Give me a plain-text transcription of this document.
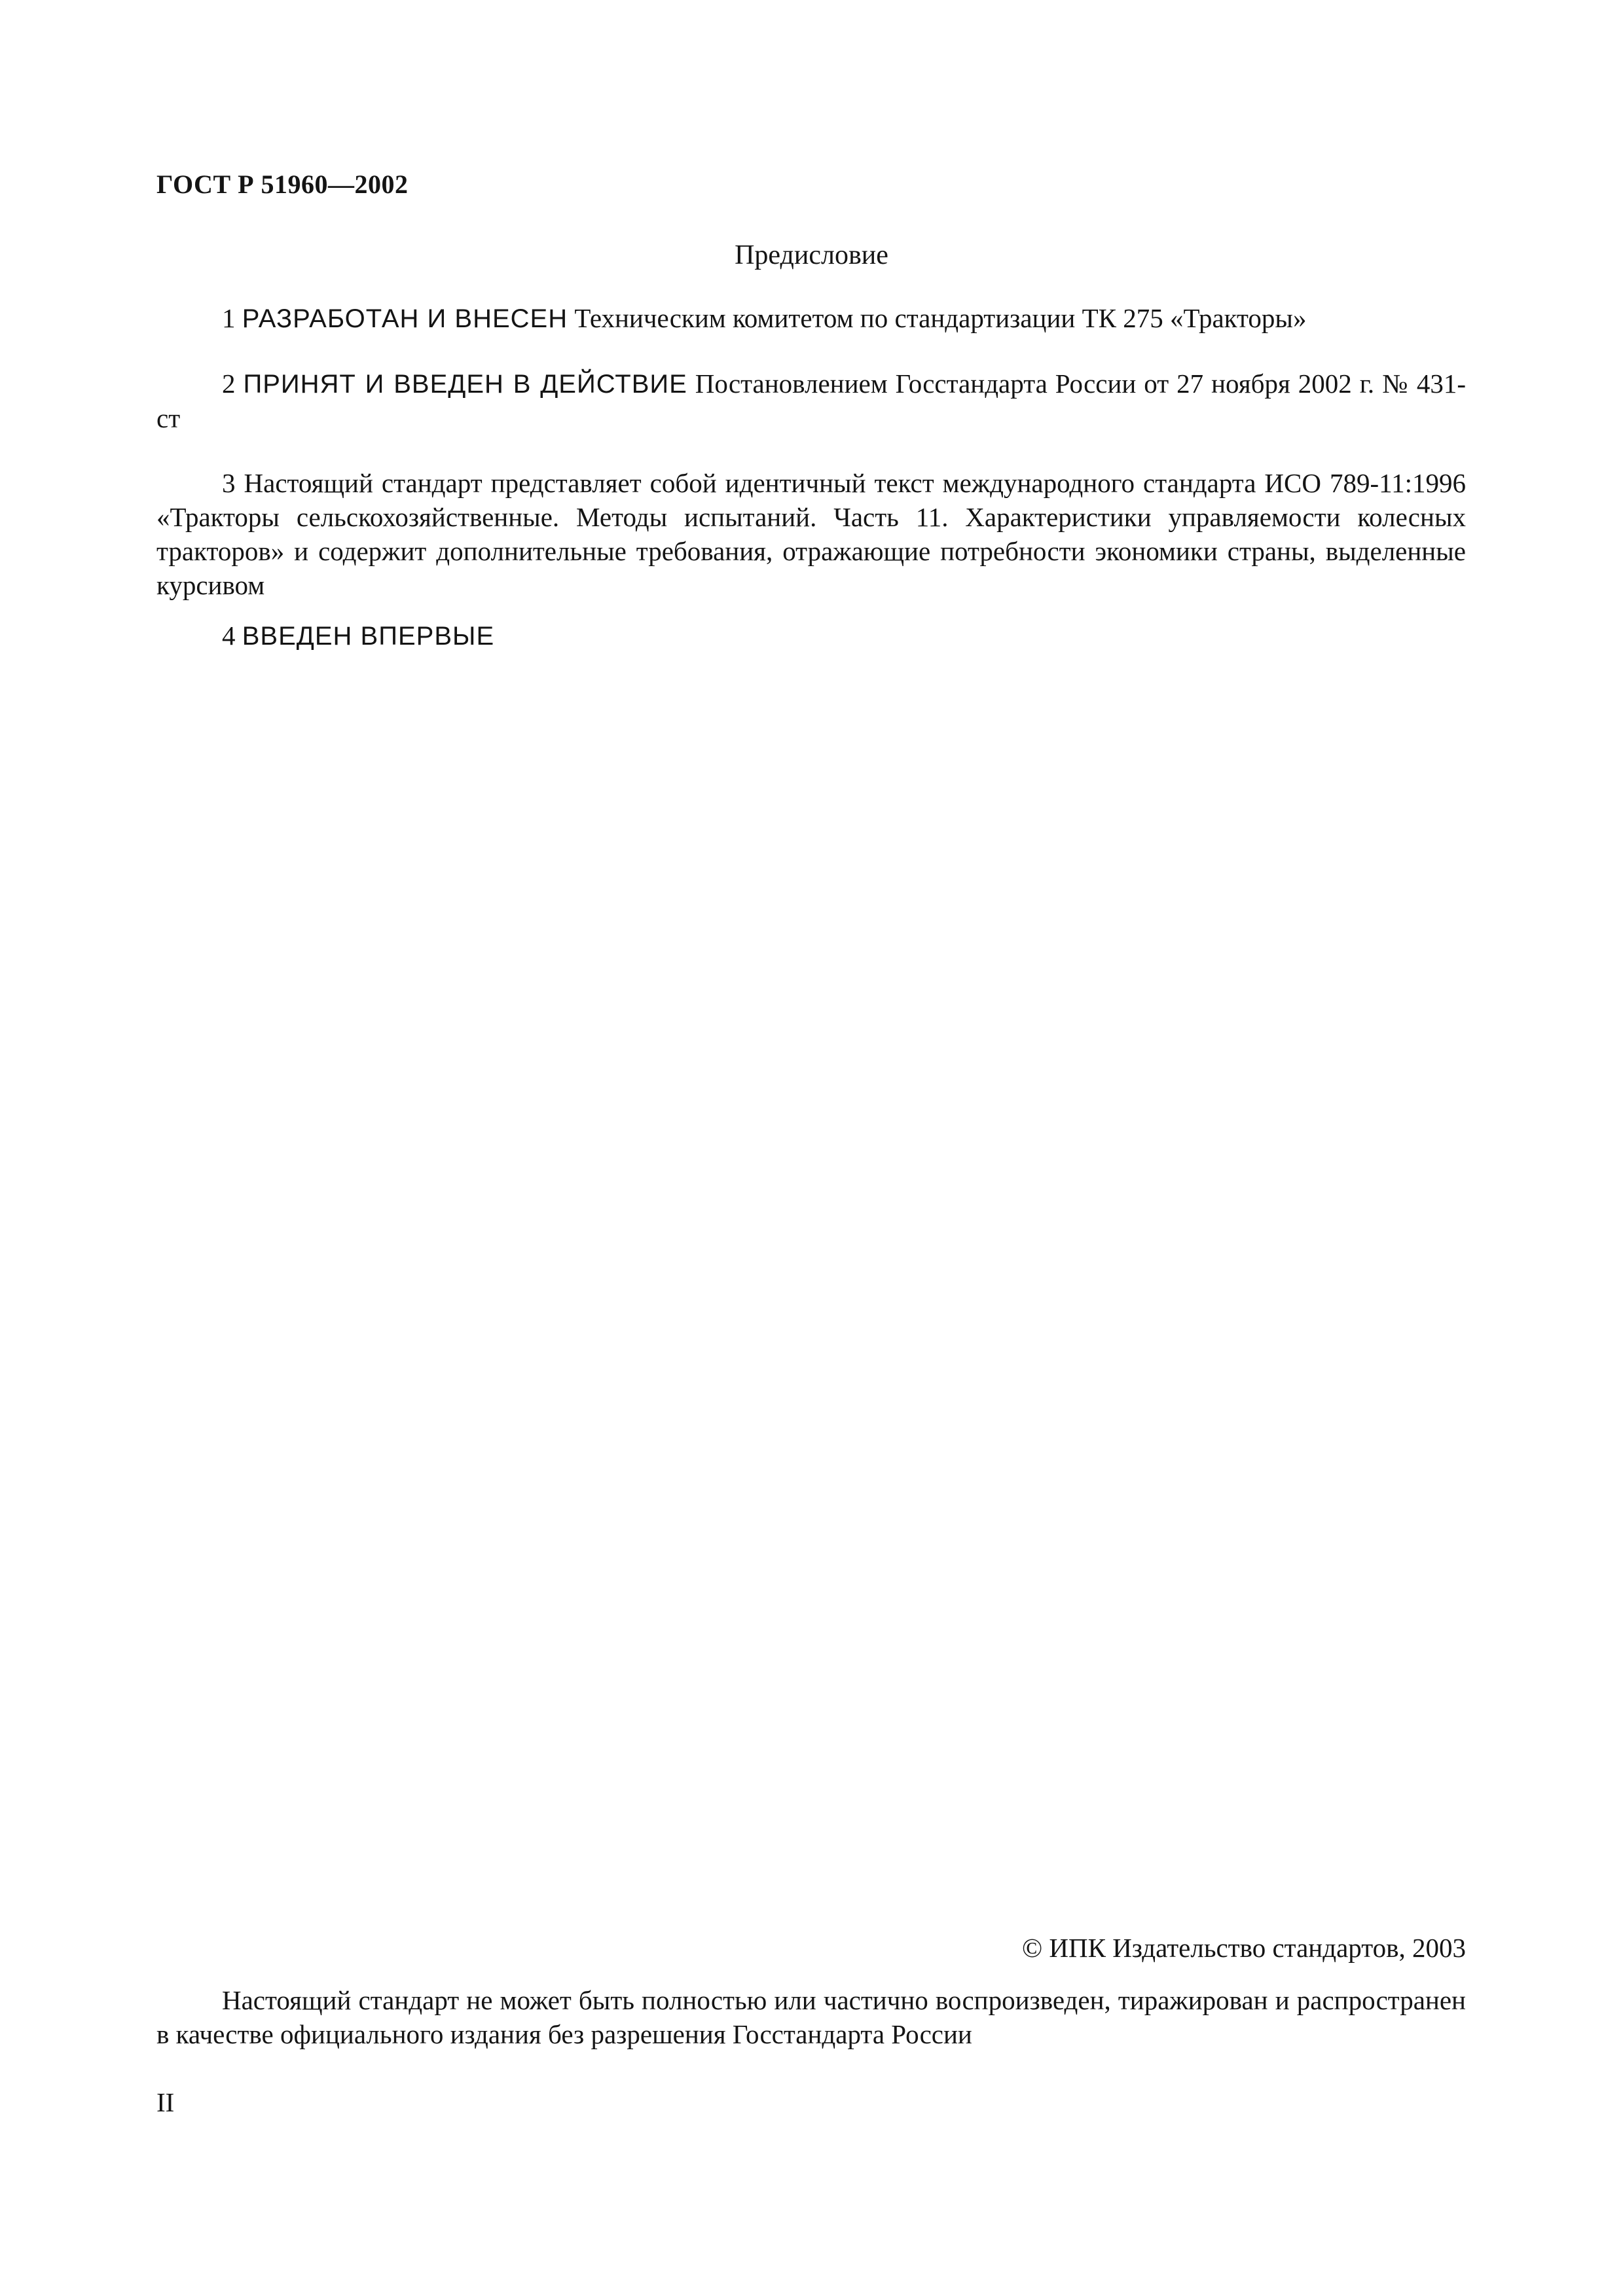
ГОСТ Р 51960—2002
Предисловие

1 РАЗРАБОТАН И ВНЕСЕН Техническим комитетом по стандартизации ТК 275 «Тракторы»

2 ПРИНЯТ И ВВЕДЕН В ДЕЙСТВИЕ Постановлением Госстандарта России от 27 ноября 2002 г. № 431-ст

3 Настоящий стандарт представляет собой идентичный текст международного стандарта ИСО 789-11:1996 «Тракторы сельскохозяйственные. Методы испытаний. Часть 11. Характеристики управляемости колесных тракторов» и содержит дополнительные требования, отражающие потребности экономики страны, выделенные курсивом

4 ВВЕДЕН ВПЕРВЫЕ

© ИПК Издательство стандартов, 2003
Настоящий стандарт не может быть полностью или частично воспроизведен, тиражирован и распространен в качестве официального издания без разрешения Госстандарта России
II
